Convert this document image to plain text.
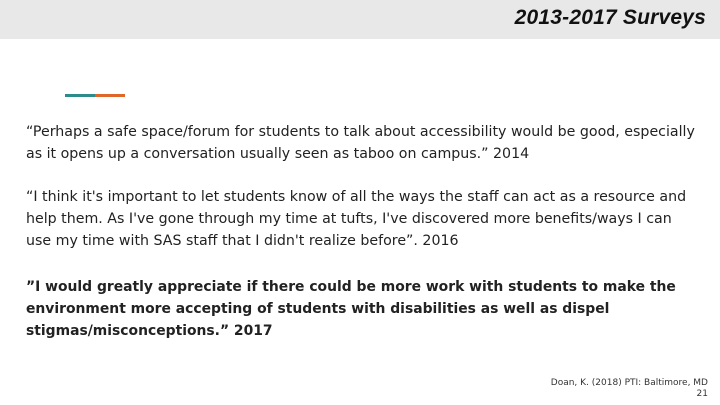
2013-2017 Surveys

“Perhaps a safe space/forum for students to talk about accessibility would be good, especially as it opens up a conversation usually seen as taboo on campus.” 2014

“I think it's important to let students know of all the ways the staff can act as a resource and help them. As I've gone through my time at tufts, I've discovered more benefits/ways I can use my time with SAS staff that I didn't realize before”. 2016

”I would greatly appreciate if there could be more work with students to make the environment more accepting of students with disabilities as well as dispel stigmas/misconceptions.” 2017

Doan, K. (2018) PTI: Baltimore, MD
21
